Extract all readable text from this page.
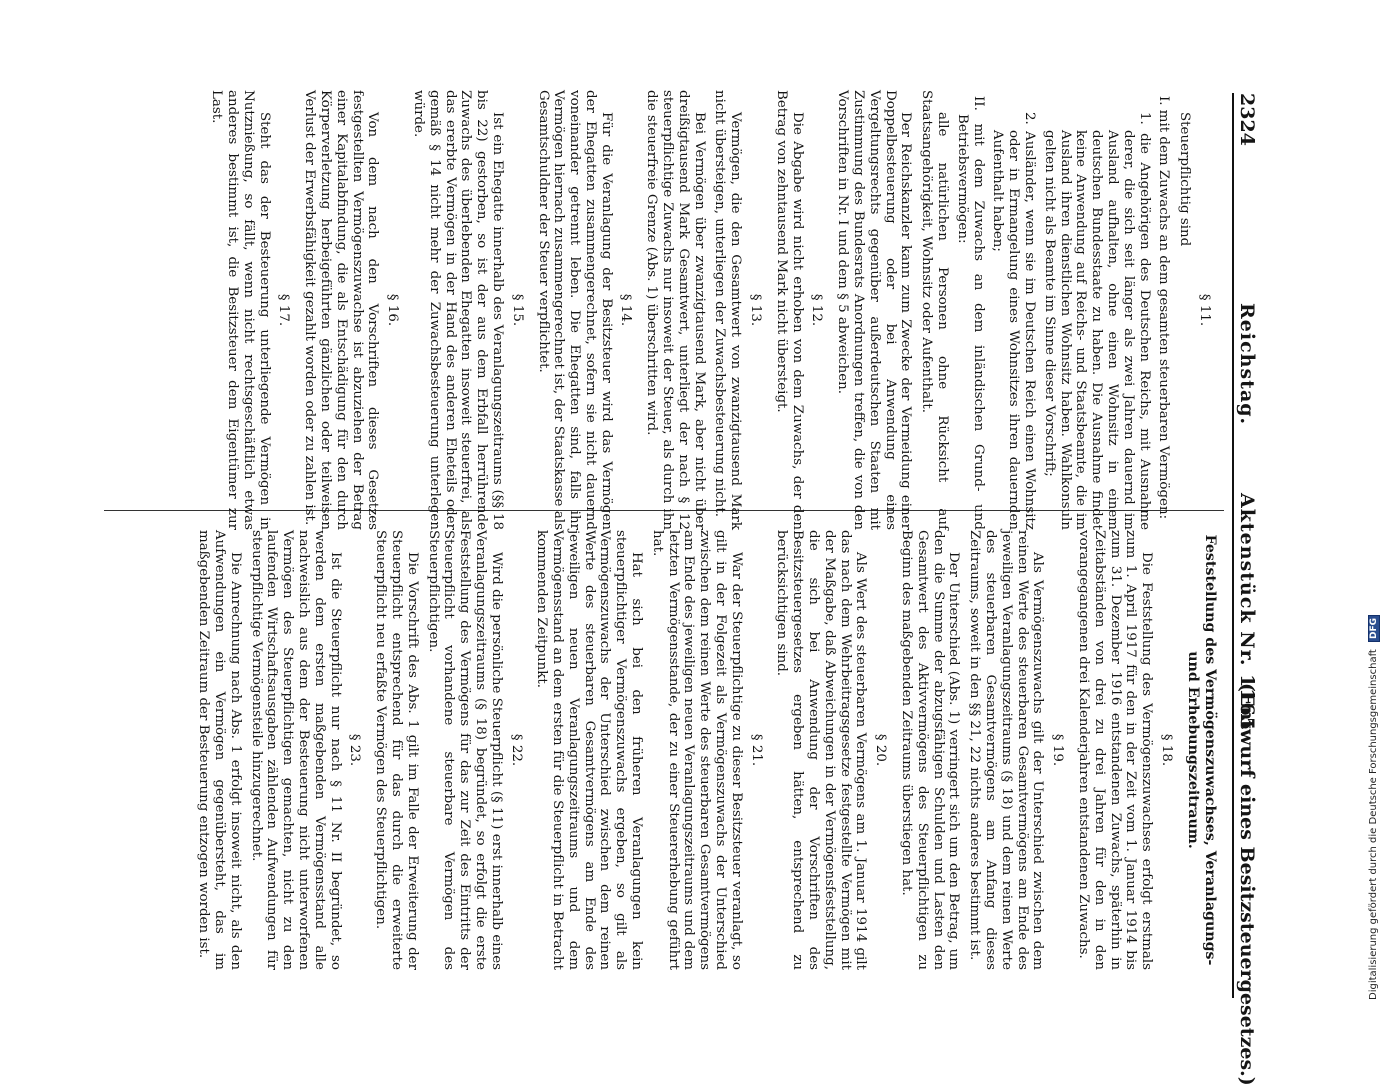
2324
Reichstag.
Aktenstück Nr. 1165.
(Entwurf eines Besitzsteuergesetzes.)
§ 11.

Steuerpflichtig sind

I. mit dem Zuwachs an dem gesamten steuerbaren Vermögen:

1. die Angehörigen des Deutschen Reichs, mit Ausnahme derer, die sich seit länger als zwei Jahren dauernd im Ausland aufhalten, ohne einen Wohnsitz in einem deutschen Bundesstaate zu haben. Die Ausnahme findet keine Anwendung auf Reichs- und Staatsbeamte, die im Ausland ihren dienstlichen Wohnsitz haben. Wahlkonsuln gelten nicht als Beamte im Sinne dieser Vorschrift;

2. Ausländer, wenn sie im Deutschen Reich einen Wohnsitz oder in Ermangelung eines Wohnsitzes ihren dauernden Aufenthalt haben;

II. mit dem Zuwachs an dem inländischen Grund- und Betriebsvermögen:

alle natürlichen Personen ohne Rücksicht auf Staatsangehörigkeit, Wohnsitz oder Aufenthalt.

Der Reichskanzler kann zum Zwecke der Vermeidung einer Doppelbesteuerung oder bei Anwendung eines Vergeltungsrechts gegenüber außerdeutschen Staaten mit Zustimmung des Bundesrats Anordnungen treffen, die von den Vorschriften in Nr. I und dem § 5 abweichen.

§ 12.

Die Abgabe wird nicht erhoben von dem Zuwachs, der den Betrag von zehntausend Mark nicht übersteigt.

§ 13.

Vermögen, die den Gesamtwert von zwanzigtausend Mark nicht übersteigen, unterliegen der Zuwachsbesteuerung nicht.

Bei Vermögen über zwanzigtausend Mark, aber nicht über dreißigtausend Mark Gesamtwert, unterliegt der nach § 12 steuerpflichtige Zuwachs nur insoweit der Steuer, als durch ihn die steuerfreie Grenze (Abs. 1) überschritten wird.

§ 14.

Für die Veranlagung der Besitzsteuer wird das Vermögen der Ehegatten zusammengerechnet, sofern sie nicht dauernd voneinander getrennt leben. Die Ehegatten sind, falls ihr Vermögen hiernach zusammengerechnet ist, der Staatskasse als Gesamtschuldner der Steuer verpflichtet.

§ 15.

Ist ein Ehegatte innerhalb des Veranlagungszeitraums (§§ 18 bis 22) gestorben, so ist der aus dem Erbfall herrührende Zuwachs des überlebenden Ehegatten insoweit steuerfrei, als das ererbte Vermögen in der Hand des anderen Eheteils oder gemäß § 14 nicht mehr der Zuwachsbesteuerung unterlegen würde.

§ 16.

Von dem nach den Vorschriften dieses Gesetzes festgestellten Vermögenszuwachse ist abzuziehen der Betrag einer Kapitalabfindung, die als Entschädigung für den durch Körperverletzung herbeigeführten gänzlichen oder teilweisen Verlust der Erwerbsfähigkeit gezahlt worden oder zu zahlen ist.

§ 17.

Steht das der Besteuerung unterliegende Vermögen in Nutznießung, so fällt, wenn nicht rechtsgeschäftlich etwas anderes bestimmt ist, die Besitzsteuer dem Eigentümer zur Last.

Feststellung des Vermögenszuwachses, Veranlagungs- und Erhebungszeitraum.
§ 18.

Die Feststellung des Vermögenszuwachses erfolgt erstmals zum 1. April 1917 für den in der Zeit vom 1. Januar 1914 bis zum 31. Dezember 1916 entstandenen Zuwachs, späterhin in Zeitabständen von drei zu drei Jahren für den in den vorangegangenen drei Kalenderjahren entstandenen Zuwachs.

§ 19.

Als Vermögenszuwachs gilt der Unterschied zwischen dem reinen Werte des steuerbaren Gesamtvermögens am Ende des jeweiligen Veranlagungszeitraums (§ 18) und dem reinen Werte des steuerbaren Gesamtvermögens am Anfang dieses Zeitraums, soweit in den §§ 21, 22 nichts anderes bestimmt ist.

Der Unterschied (Abs. 1) verringert sich um den Betrag, um den die Summe der abzugsfähigen Schulden und Lasten den Gesamtwert des Aktivvermögens des Steuerpflichtigen zu Beginn des maßgebenden Zeitraums überstiegen hat.

§ 20.

Als Wert des steuerbaren Vermögens am 1. Januar 1914 gilt das nach dem Wehrbeitragsgesetze festgestellte Vermögen mit der Maßgabe, daß Abweichungen in der Vermögensfeststellung, die sich bei Anwendung der Vorschriften des Besitzsteuergesetzes ergeben hätten, entsprechend zu berücksichtigen sind.

§ 21.

War der Steuerpflichtige zu dieser Besitzsteuer veranlagt, so gilt in der Folgezeit als Vermögenszuwachs der Unterschied zwischen dem reinen Werte des steuerbaren Gesamtvermögens am Ende des jeweiligen neuen Veranlagungszeitraums und dem letzten Vermögensstande, der zu einer Steuererhebung geführt hat.

Hat sich bei den früheren Veranlagungen kein steuerpflichtiger Vermögenszuwachs ergeben, so gilt als Vermögenszuwachs der Unterschied zwischen dem reinen Werte des steuerbaren Gesamtvermögens am Ende des jeweiligen neuen Veranlagungszeitraums und dem Vermögensstand an dem ersten für die Steuerpflicht in Betracht kommenden Zeitpunkt.

§ 22.

Wird die persönliche Steuerpflicht (§ 11) erst innerhalb eines Veranlagungszeitraums (§ 18) begründet, so erfolgt die erste Feststellung des Vermögens für das zur Zeit des Eintritts der Steuerpflicht vorhandene steuerbare Vermögen des Steuerpflichtigen.

Die Vorschrift des Abs. 1 gilt im Falle der Erweiterung der Steuerpflicht entsprechend für das durch die erweiterte Steuerpflicht neu erfaßte Vermögen des Steuerpflichtigen.

§ 23.

Ist die Steuerpflicht nur nach § 11 Nr. II begründet, so werden dem ersten maßgebenden Vermögensstand alle nachweislich aus dem der Besteuerung nicht unterworfenen Vermögen des Steuerpflichtigen gemachten, nicht zu den laufenden Wirtschaftsausgaben zählenden Aufwendungen für steuerpflichtige Vermögensteile hinzugerechnet.

Die Anrechnung nach Abs. 1 erfolgt insoweit nicht, als den Aufwendungen ein Vermögen gegenübersteht, das im maßgebenden Zeitraum der Besteuerung entzogen worden ist.	Digitalisierung gefördert durch die Deutsche Forschungsgemeinschaft DFG
